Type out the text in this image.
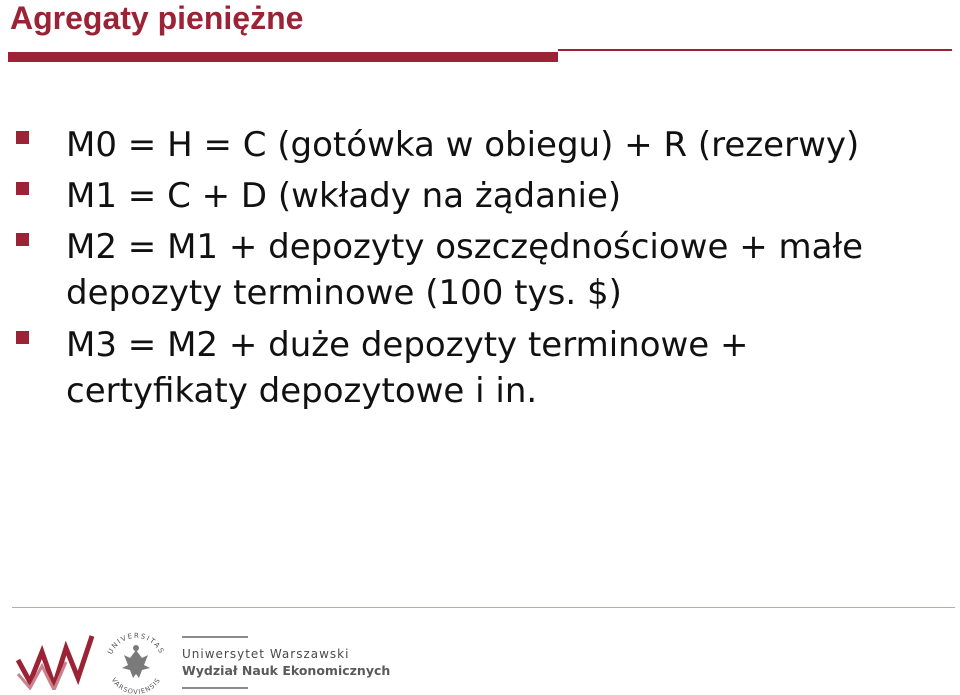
Agregaty pieniężne
M0 = H = C (gotówka w obiegu) + R (rezerwy)
M1 = C + D (wkłady na żądanie)
M2 = M1 + depozyty oszczędnościowe + małe
depozyty terminowe (100 tys. $)
M3 = M2 + duże depozyty terminowe +
certyfikaty depozytowe i in.
UNIVERSITAS
VARSOVIENSIS
Uniwersytet Warszawski
Wydział Nauk Ekonomicznych
